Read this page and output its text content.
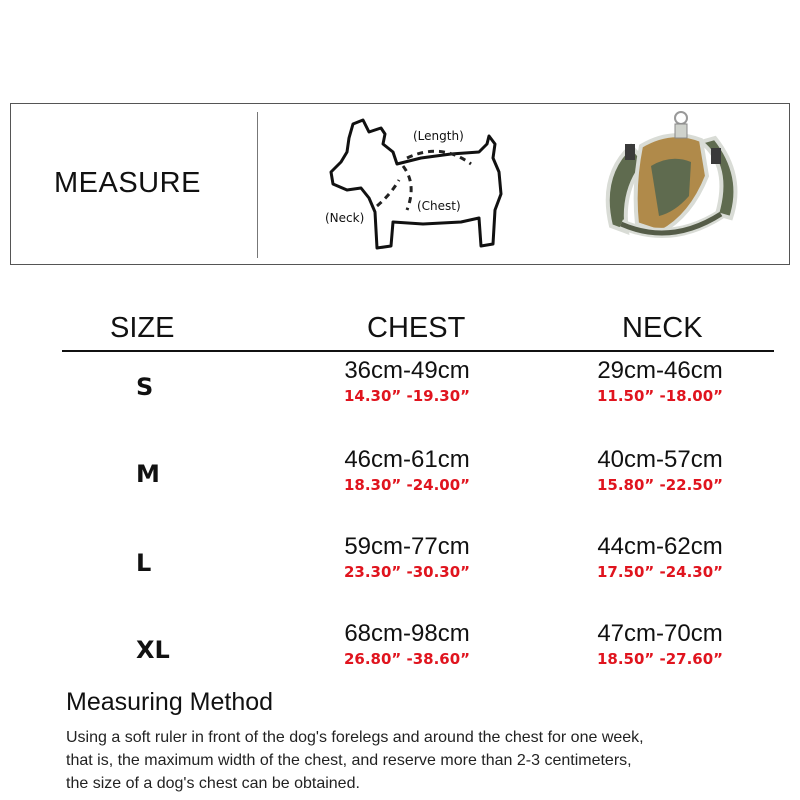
MEASURE
(Length)
(Neck)
(Chest)
SIZE	CHEST	NECK
S
36cm-49cm
14.30” -19.30”
29cm-46cm
11.50” -18.00”
M
46cm-61cm
18.30” -24.00”
40cm-57cm
15.80” -22.50”
L
59cm-77cm
23.30” -30.30”
44cm-62cm
17.50” -24.30”
XL
68cm-98cm
26.80” -38.60”
47cm-70cm
18.50” -27.60”
Measuring Method
Using a soft ruler in front of the dog's forelegs and around the chest for one week,
that is, the maximum width of the chest, and reserve more than 2-3 centimeters,
the size of a dog's chest can be obtained.
